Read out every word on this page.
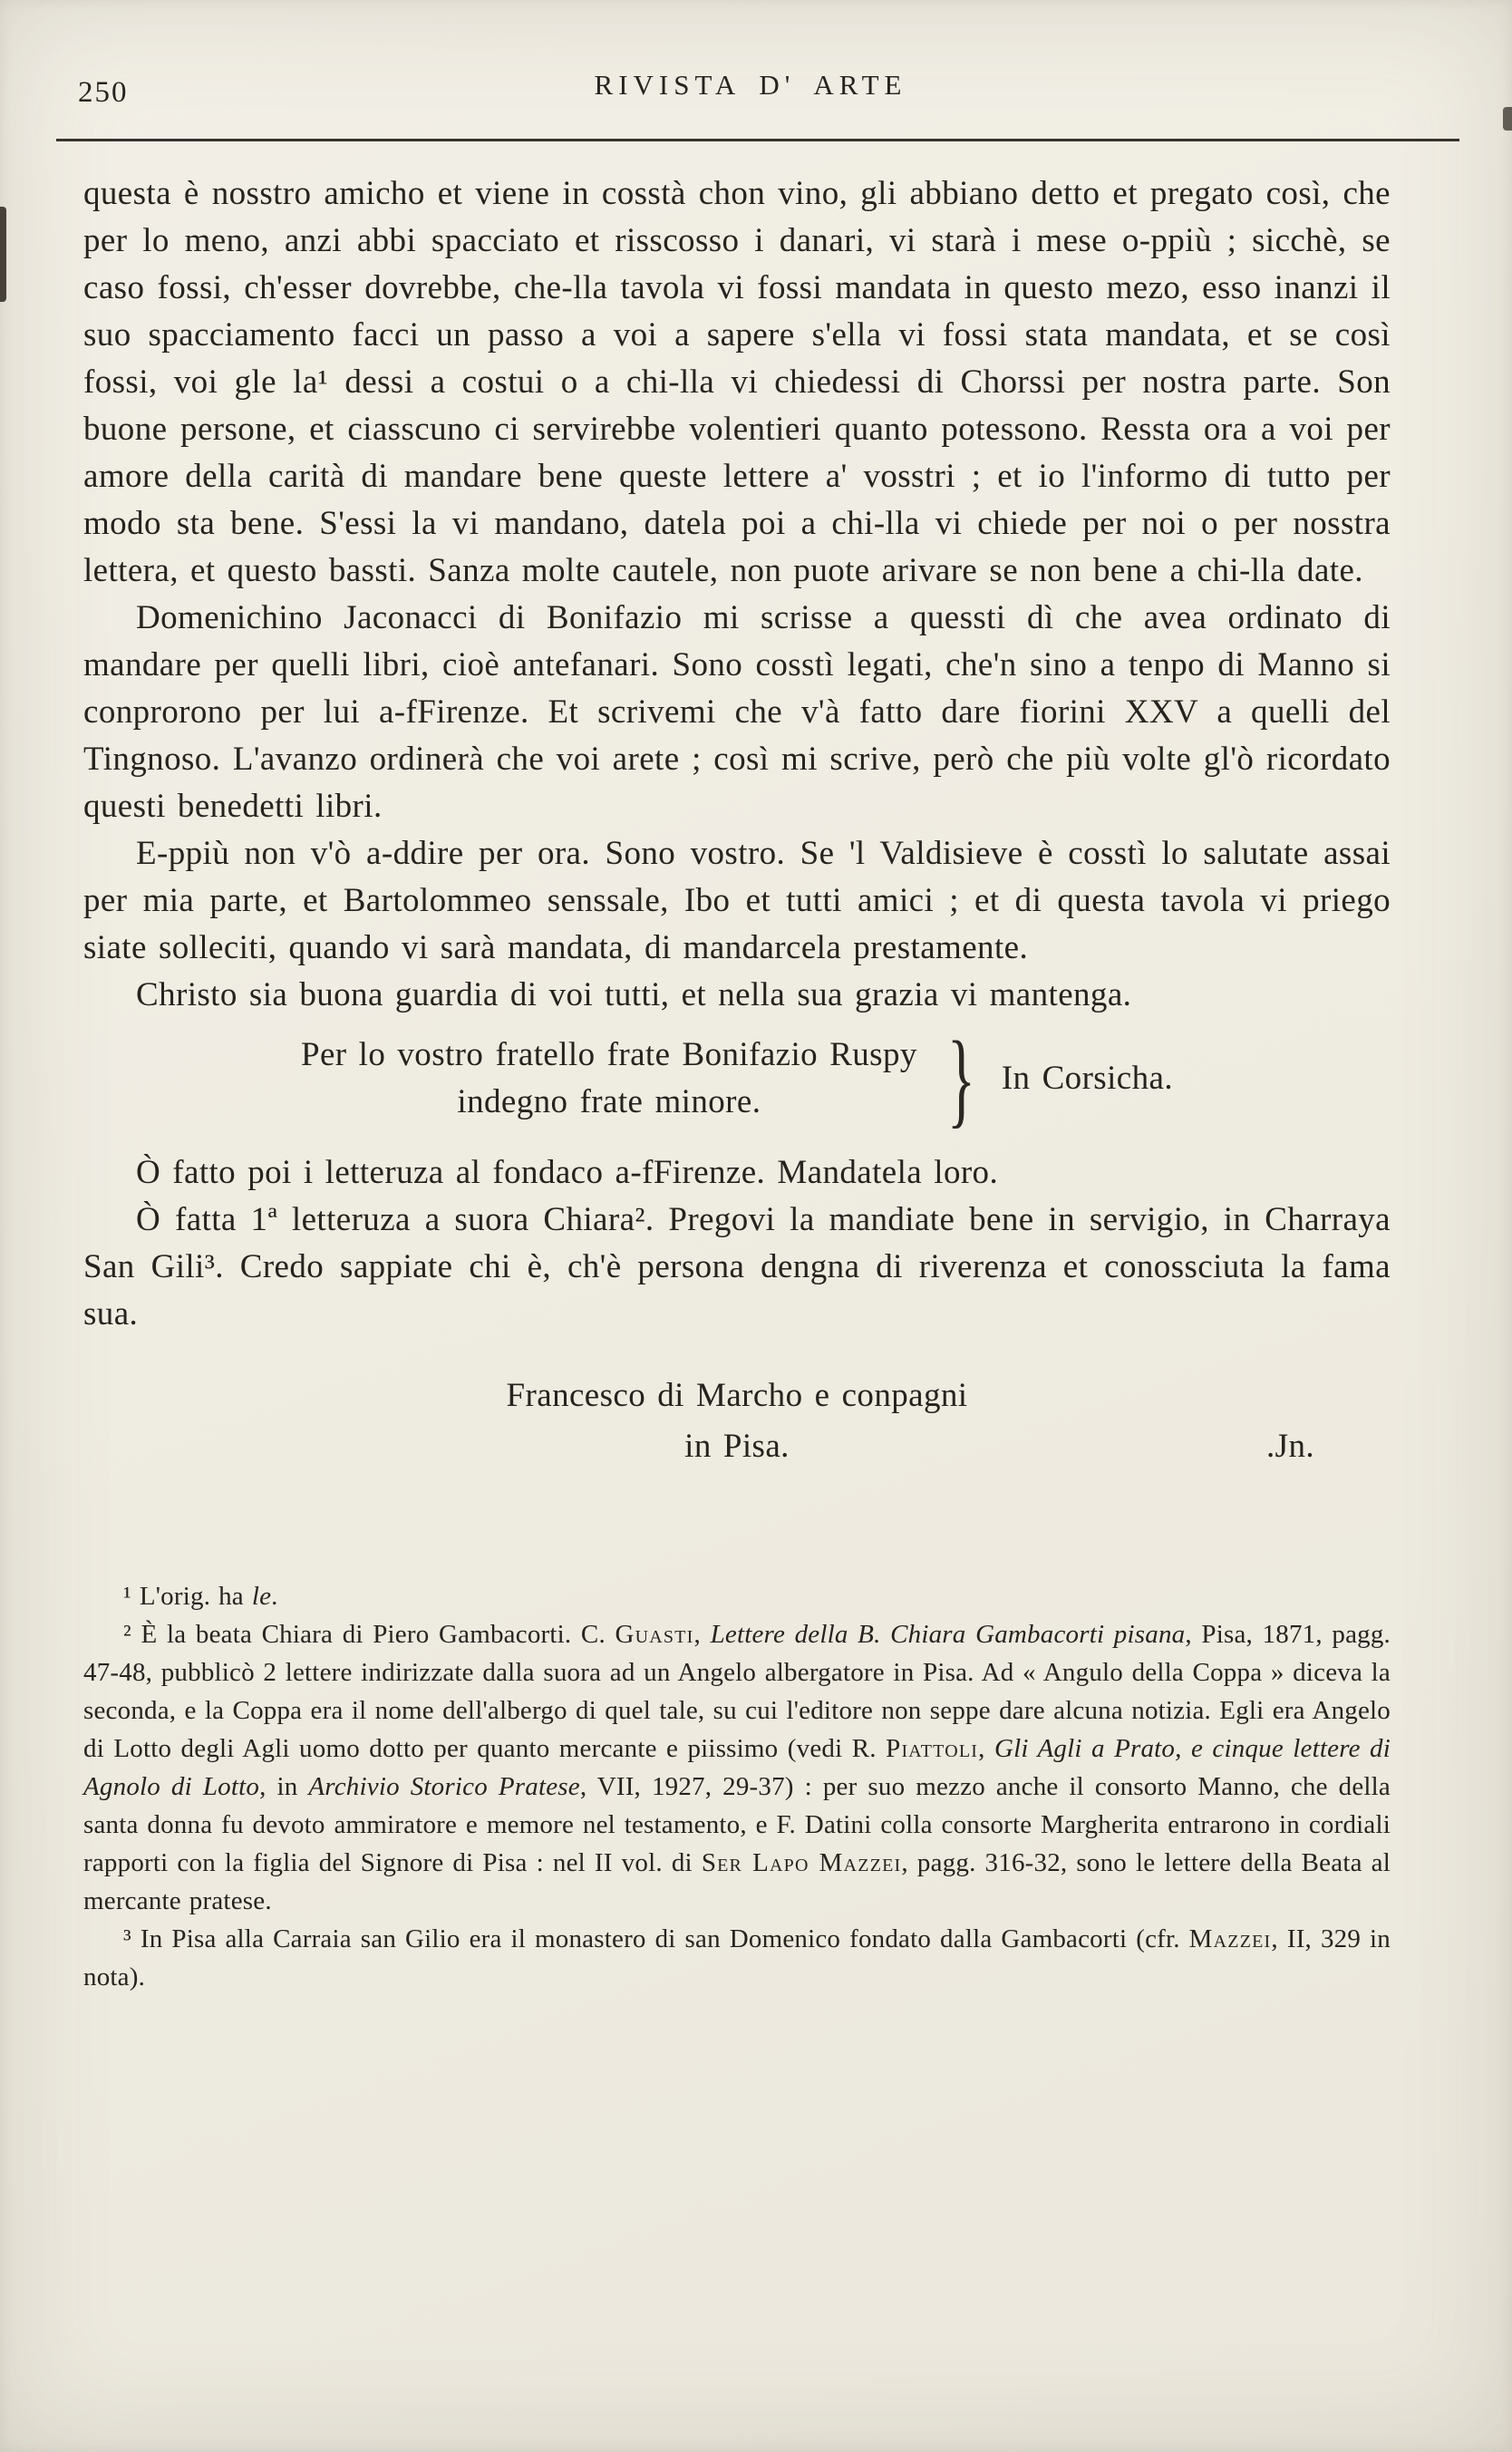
250	RIVISTA D' ARTE

questa è nosstro amicho et viene in cosstà chon vino, gli abbiano detto et pregato così, che per lo meno, anzi abbi spacciato et risscosso i danari, vi starà i mese o-ppiù ; sicchè, se caso fossi, ch'esser dovrebbe, che-lla tavola vi fossi mandata in questo mezo, esso inanzi il suo spacciamento facci un passo a voi a sapere s'ella vi fossi stata mandata, et se così fossi, voi gle la¹ dessi a costui o a chi-lla vi chiedessi di Chorssi per nostra parte. Son buone persone, et ciasscuno ci servirebbe volentieri quanto potessono. Ressta ora a voi per amore della carità di mandare bene queste lettere a' vosstri ; et io l'informo di tutto per modo sta bene. S'essi la vi mandano, datela poi a chi-lla vi chiede per noi o per nosstra lettera, et questo bassti. Sanza molte cautele, non puote arivare se non bene a chi-lla date.

Domenichino Jaconacci di Bonifazio mi scrisse a quessti dì che avea ordinato di mandare per quelli libri, cioè antefanari. Sono cosstì legati, che'n sino a tenpo di Manno si conprorono per lui a-fFirenze. Et scrivemi che v'à fatto dare fiorini XXV a quelli del Tingnoso. L'avanzo ordinerà che voi arete ; così mi scrive, però che più volte gl'ò ricordato questi benedetti libri.

E-ppiù non v'ò a-ddire per ora. Sono vostro. Se 'l Valdisieve è cosstì lo salutate assai per mia parte, et Bartolommeo senssale, Ibo et tutti amici ; et di questa tavola vi priego siate solleciti, quando vi sarà mandata, di mandarcela prestamente.

Christo sia buona guardia di voi tutti, et nella sua grazia vi mantenga.

Per lo vostro fratello frate Bonifazio Ruspy
indegno frate minore.	} In Corsicha.

Ò fatto poi i letteruza al fondaco a-fFirenze. Mandatela loro.

Ò fatta 1ª letteruza a suora Chiara². Pregovi la mandiate bene in servigio, in Charraya San Gili³. Credo sappiate chi è, ch'è persona dengna di riverenza et conossciuta la fama sua.

Francesco di Marcho e conpagni
in Pisa.	.Jn.

¹ L'orig. ha le.

² È la beata Chiara di Piero Gambacorti. C. Guasti, Lettere della B. Chiara Gambacorti pisana, Pisa, 1871, pagg. 47-48, pubblicò 2 lettere indirizzate dalla suora ad un Angelo albergatore in Pisa. Ad « Angulo della Coppa » diceva la seconda, e la Coppa era il nome dell'albergo di quel tale, su cui l'editore non seppe dare alcuna notizia. Egli era Angelo di Lotto degli Agli uomo dotto per quanto mercante e piissimo (vedi R. Piattoli, Gli Agli a Prato, e cinque lettere di Agnolo di Lotto, in Archivio Storico Pratese, VII, 1927, 29-37) : per suo mezzo anche il consorto Manno, che della santa donna fu devoto ammiratore e memore nel testamento, e F. Datini colla consorte Margherita entrarono in cordiali rapporti con la figlia del Signore di Pisa : nel II vol. di Ser Lapo Mazzei, pagg. 316-32, sono le lettere della Beata al mercante pratese.

³ In Pisa alla Carraia san Gilio era il monastero di san Domenico fondato dalla Gambacorti (cfr. Mazzei, II, 329 in nota).
